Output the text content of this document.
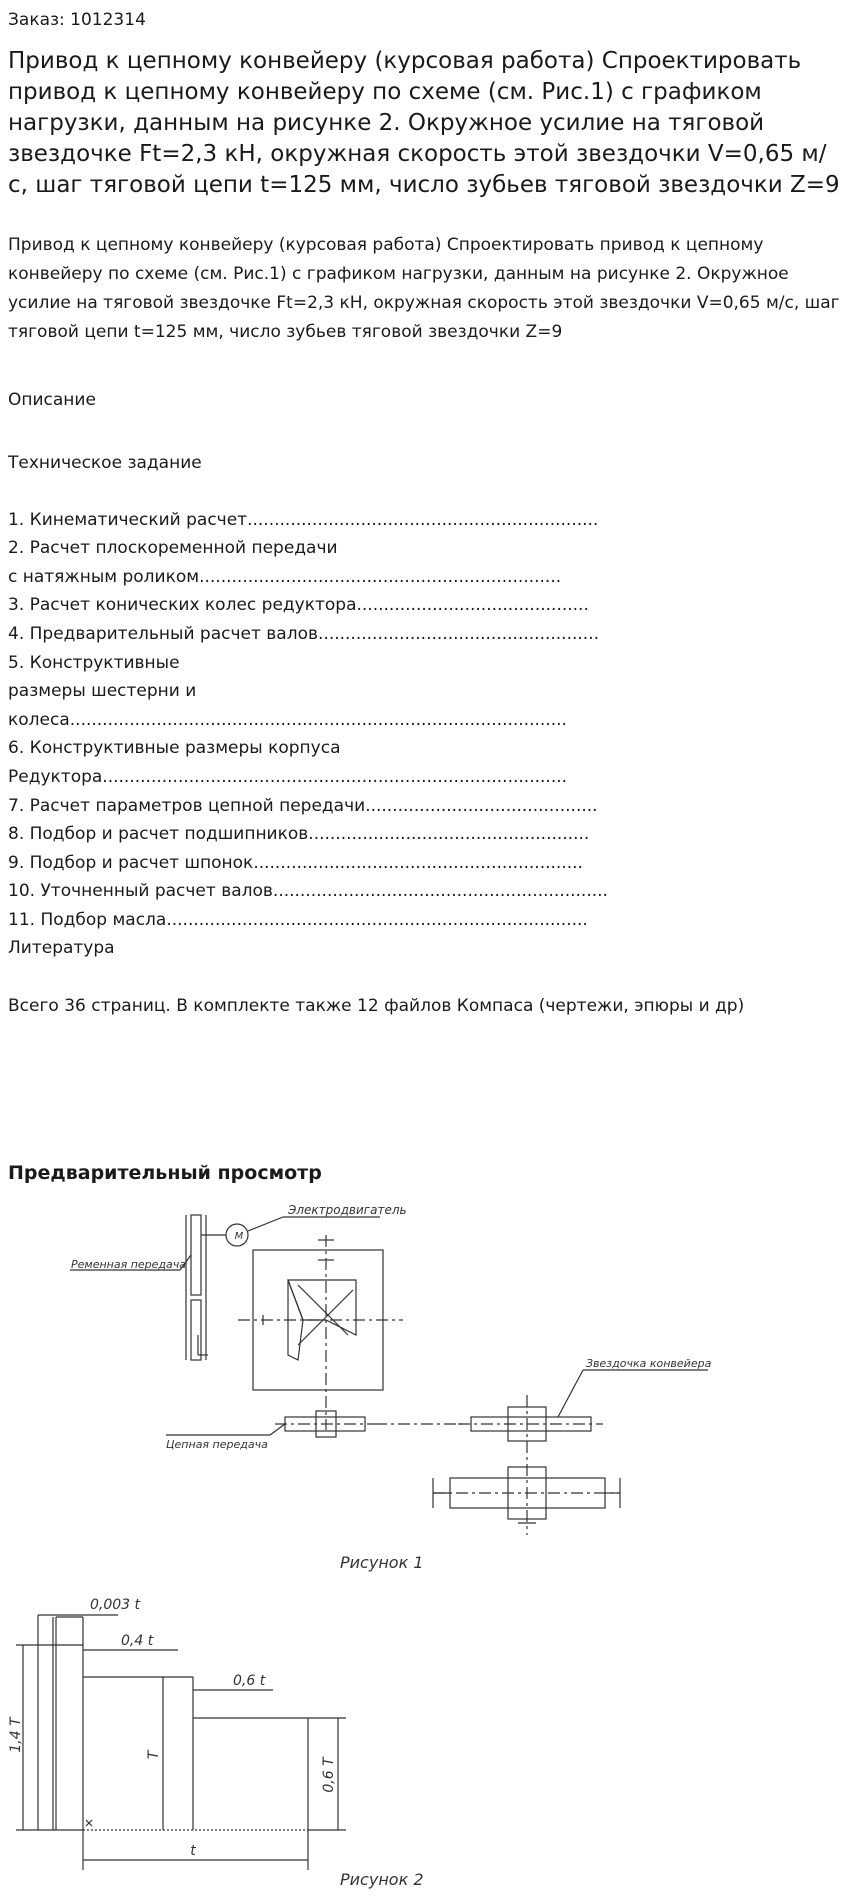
Заказ: 1012314
Привод к цепному конвейеру (курсовая работа) Спроектировать привод к цепному конвейеру по схеме (см. Рис.1) с графиком нагрузки, данным на рисунке 2. Окружное усилие на тяговой звездочке Ft=2,3 кН, окружная скорость этой звездочки V=0,65 м/с, шаг тяговой цепи t=125 мм, число зубьев тяговой звездочки Z=9

Привод к цепному конвейеру (курсовая работа) Спроектировать привод к цепному конвейеру по схеме (см. Рис.1) с графиком нагрузки, данным на рисунке 2. Окружное усилие на тяговой звездочке Ft=2,3 кН, окружная скорость этой звездочки V=0,65 м/с, шаг тяговой цепи t=125 мм, число зубьев тяговой звездочки Z=9

Описание
Техническое задание
1. Кинематический расчет.................................................................
2. Расчет плоскоременной передачи
с натяжным роликом...................................................................
3. Расчет конических колес редуктора...........................................
4. Предварительный расчет валов....................................................
5. Конструктивные
размеры шестерни и
колеса............................................................................................
6. Конструктивные размеры корпуса
Редуктора......................................................................................
7. Расчет параметров цепной передачи...........................................
8. Подбор и расчет подшипников....................................................
9. Подбор и расчет шпонок.............................................................
10. Уточненный расчет валов..............................................................
11. Подбор масла..............................................................................
Литература
Всего 36 страниц. В комплекте также 12 файлов Компаса (чертежи, эпюры и др)
Предварительный просмотр
М
Электродвигатель
Ременная передача
Звездочка конвейера
Цепная передача
Рисунок 1
0,003 t
0,4 t
0,6 t
1,4 T
T
0,6 T
t
Рисунок 2
